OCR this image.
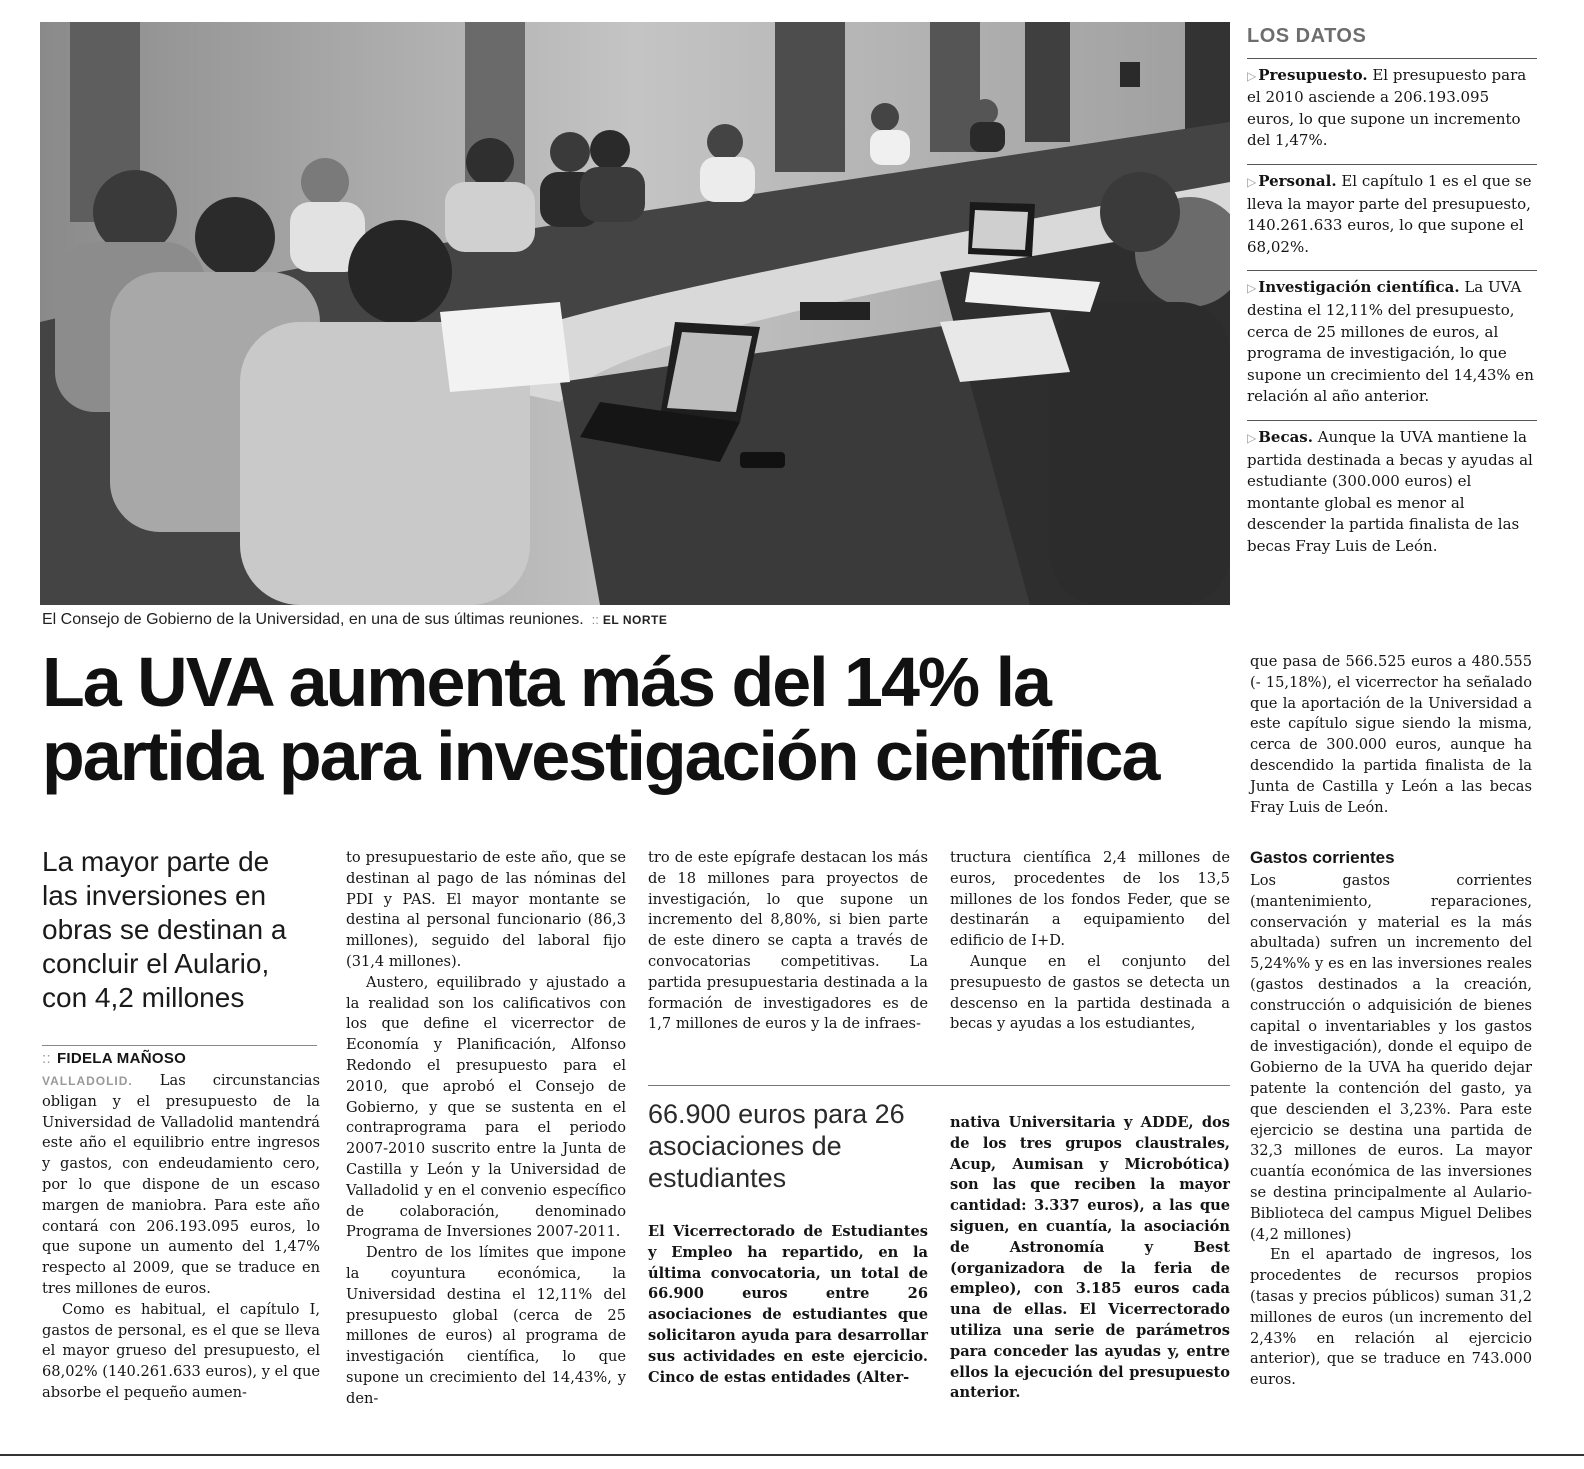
El Consejo de Gobierno de la Universidad, en una de sus últimas reuniones. :: EL NORTE
LOS DATOS
▷ Presupuesto. El presupuesto para el 2010 asciende a 206.193.095 euros, lo que supone un incremento del 1,47%.
▷ Personal. El capítulo 1 es el que se lleva la mayor parte del presupuesto, 140.261.633 euros, lo que supone el 68,02%.
▷ Investigación científica. La UVA destina el 12,11% del presupuesto, cerca de 25 millones de euros, al programa de investigación, lo que supone un crecimiento del 14,43% en relación al año anterior.
▷ Becas. Aunque la UVA mantiene la partida destinada a becas y ayudas al estudiante (300.000 euros) el montante global es menor al descender la partida finalista de las becas Fray Luis de León.
La UVA aumenta más del 14% la partida para investigación científica

La mayor parte de las inversiones en obras se destinan a concluir el Aulario, con 4,2 millones

:: FIDELA MAÑOSO

VALLADOLID. Las circunstancias obligan y el presupuesto de la Universidad de Valladolid mantendrá este año el equilibrio entre ingresos y gastos, con endeudamiento cero, por lo que dispone de un escaso margen de maniobra. Para este año contará con 206.193.095 euros, lo que supone un aumento del 1,47% respecto al 2009, que se traduce en tres millones de euros.

Como es habitual, el capítulo I, gastos de personal, es el que se lleva el mayor grueso del presupuesto, el 68,02% (140.261.633 euros), y el que absorbe el pequeño aumen-

to presupuestario de este año, que se destinan al pago de las nóminas del PDI y PAS. El mayor montante se destina al personal funcionario (86,3 millones), seguido del laboral fijo (31,4 millones).

Austero, equilibrado y ajustado a la realidad son los calificativos con los que define el vicerrector de Economía y Planificación, Alfonso Redondo el presupuesto para el 2010, que aprobó el Consejo de Gobierno, y que se sustenta en el contraprograma para el periodo 2007-2010 suscrito entre la Junta de Castilla y León y la Universidad de Valladolid y en el convenio específico de colaboración, denominado Programa de Inversiones 2007-2011.

Dentro de los límites que impone la coyuntura económica, la Universidad destina el 12,11% del presupuesto global (cerca de 25 millones de euros) al programa de investigación científica, lo que supone un crecimiento del 14,43%, y den-

tro de este epígrafe destacan los más de 18 millones para proyectos de investigación, lo que supone un incremento del 8,80%, si bien parte de este dinero se capta a través de convocatorias competitivas. La partida presupuestaria destinada a la formación de investigadores es de 1,7 millones de euros y la de infraes-

tructura científica 2,4 millones de euros, procedentes de los 13,5 millones de los fondos Feder, que se destinarán a equipamiento del edificio de I+D.

Aunque en el conjunto del presupuesto de gastos se detecta un descenso en la partida destinada a becas y ayudas a los estudiantes,

66.900 euros para 26 asociaciones de estudiantes

El Vicerrectorado de Estudiantes y Empleo ha repartido, en la última convocatoria, un total de 66.900 euros entre 26 asociaciones de estudiantes que solicitaron ayuda para desarrollar sus actividades en este ejercicio. Cinco de estas entidades (Alter-

nativa Universitaria y ADDE, dos de los tres grupos claustrales, Acup, Aumisan y Microbótica) son las que reciben la mayor cantidad: 3.337 euros), a las que siguen, en cuantía, la asociación de Astronomía y Best (organizadora de la feria de empleo), con 3.185 euros cada una de ellas. El Vicerrectorado utiliza una serie de parámetros para conceder las ayudas y, entre ellos la ejecución del presupuesto anterior.

que pasa de 566.525 euros a 480.555 (- 15,18%), el vicerrector ha señalado que la aportación de la Universidad a este capítulo sigue siendo la misma, cerca de 300.000 euros, aunque ha descendido la partida finalista de la Junta de Castilla y León a las becas Fray Luis de León.

Gastos corrientes

Los gastos corrientes (mantenimiento, reparaciones, conservación y material es la más abultada) sufren un incremento del 5,24%% y es en las inversiones reales (gastos destinados a la creación, construcción o adquisición de bienes capital o inventariables y los gastos de investigación), donde el equipo de Gobierno de la UVA ha querido dejar patente la contención del gasto, ya que descienden el 3,23%. Para este ejercicio se destina una partida de 32,3 millones de euros. La mayor cuantía económica de las inversiones se destina principalmente al Aulario-Biblioteca del campus Miguel Delibes (4,2 millones)

En el apartado de ingresos, los procedentes de recursos propios (tasas y precios públicos) suman 31,2 millones de euros (un incremento del 2,43% en relación al ejercicio anterior), que se traduce en 743.000 euros.
